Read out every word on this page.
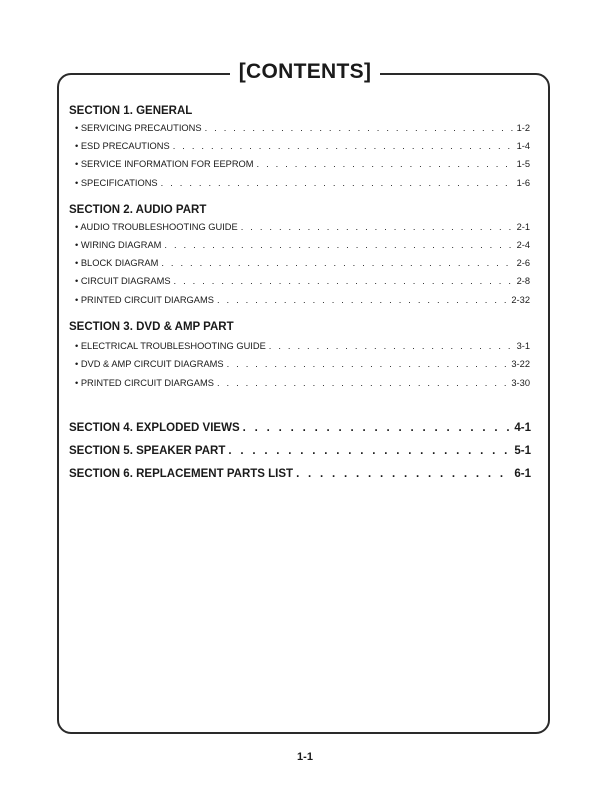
[CONTENTS]
SECTION 1. GENERAL
• SERVICING PRECAUTIONS . . .	1-2
• ESD PRECAUTIONS . . .	1-4
• SERVICE INFORMATION FOR EEPROM . . .	1-5
• SPECIFICATIONS . . .	1-6
SECTION 2. AUDIO PART
• AUDIO TROUBLESHOOTING GUIDE . . .	2-1
• WIRING DIAGRAM . . .	2-4
• BLOCK DIAGRAM . . .	2-6
• CIRCUIT DIAGRAMS . . .	2-8
• PRINTED CIRCUIT DIARGAMS . . .	2-32
SECTION 3. DVD & AMP PART
• ELECTRICAL TROUBLESHOOTING GUIDE . . .	3-1
• DVD & AMP CIRCUIT DIAGRAMS . . .	3-22
• PRINTED CIRCUIT DIARGAMS . . .	3-30
SECTION 4. EXPLODED VIEWS . . .	4-1
SECTION 5. SPEAKER PART . . .	5-1
SECTION 6. REPLACEMENT PARTS LIST . . .	6-1
1-1
